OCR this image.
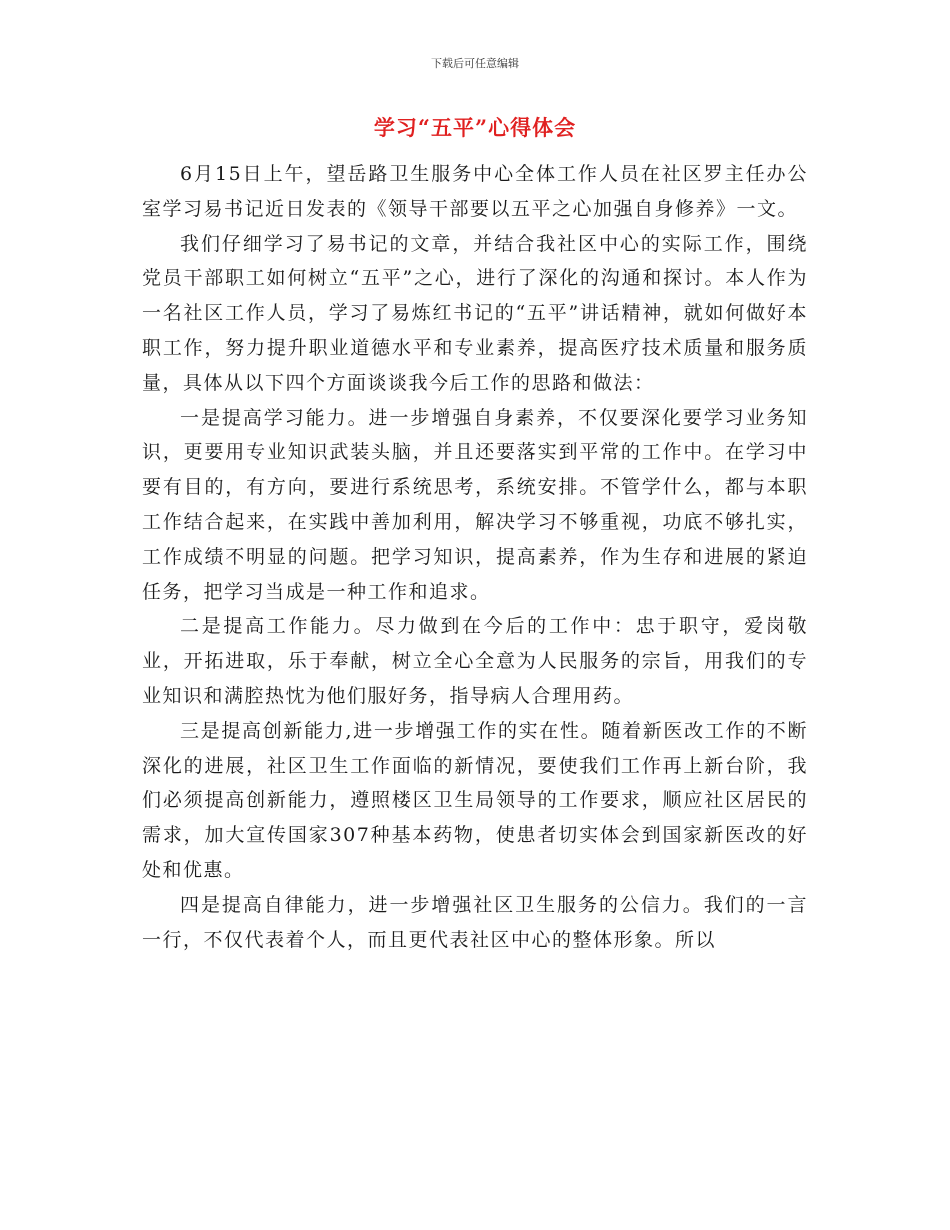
下载后可任意编辑
学习“五平”心得体会

6月15日上午，望岳路卫生服务中心全体工作人员在社区罗主任办公室学习易书记近日发表的《领导干部要以五平之心加强自身修养》一文。

我们仔细学习了易书记的文章，并结合我社区中心的实际工作，围绕党员干部职工如何树立“五平”之心，进行了深化的沟通和探讨。本人作为一名社区工作人员，学习了易炼红书记的“五平”讲话精神，就如何做好本职工作，努力提升职业道德水平和专业素养，提高医疗技术质量和服务质量，具体从以下四个方面谈谈我今后工作的思路和做法：

一是提高学习能力。进一步增强自身素养，不仅要深化要学习业务知识，更要用专业知识武装头脑，并且还要落实到平常的工作中。在学习中要有目的，有方向，要进行系统思考，系统安排。不管学什么，都与本职工作结合起来，在实践中善加利用，解决学习不够重视，功底不够扎实，工作成绩不明显的问题。把学习知识，提高素养，作为生存和进展的紧迫任务，把学习当成是一种工作和追求。

二是提高工作能力。尽力做到在今后的工作中：忠于职守，爱岗敬业，开拓进取，乐于奉献，树立全心全意为人民服务的宗旨，用我们的专业知识和满腔热忱为他们服好务，指导病人合理用药。

三是提高创新能力,进一步增强工作的实在性。随着新医改工作的不断深化的进展，社区卫生工作面临的新情况，要使我们工作再上新台阶，我们必须提高创新能力，遵照楼区卫生局领导的工作要求，顺应社区居民的需求，加大宣传国家307种基本药物，使患者切实体会到国家新医改的好处和优惠。

四是提高自律能力，进一步增强社区卫生服务的公信力。我们的一言一行，不仅代表着个人，而且更代表社区中心的整体形象。所以
